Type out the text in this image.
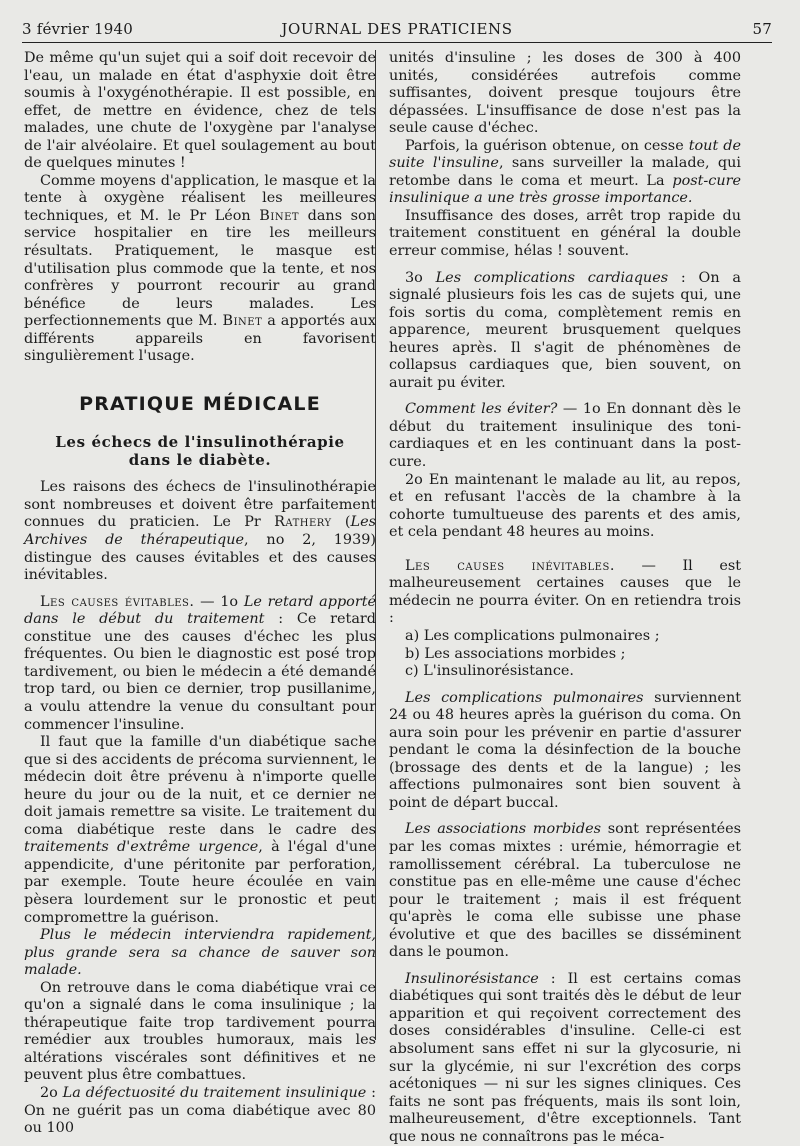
3 février 1940	JOURNAL DES PRATICIENS	57

De même qu'un sujet qui a soif doit recevoir de l'eau, un malade en état d'asphyxie doit être soumis à l'oxygénothérapie. Il est possible, en effet, de mettre en évidence, chez de tels malades, une chute de l'oxygène par l'analyse de l'air alvéolaire. Et quel soulagement au bout de quelques minutes !

Comme moyens d'application, le masque et la tente à oxygène réalisent les meilleures techniques, et M. le Pr Léon Binet dans son service hospitalier en tire les meilleurs résultats. Pratiquement, le masque est d'utilisation plus commode que la tente, et nos confrères y pourront recourir au grand bénéfice de leurs malades. Les perfectionnements que M. Binet a apportés aux différents appareils en favorisent singulièrement l'usage.

PRATIQUE MÉDICALE
Les échecs de l'insulinothérapie
dans le diabète.

Les raisons des échecs de l'insulinothérapie sont nombreuses et doivent être parfaitement connues du praticien. Le Pr Rathery (Les Archives de thérapeutique, no 2, 1939) distingue des causes évitables et des causes inévitables.

Les causes évitables. — 1o Le retard apporté dans le début du traitement : Ce retard constitue une des causes d'échec les plus fréquentes. Ou bien le diagnostic est posé trop tardivement, ou bien le médecin a été demandé trop tard, ou bien ce dernier, trop pusillanime, a voulu attendre la venue du consultant pour commencer l'insuline.

Il faut que la famille d'un diabétique sache que si des accidents de précoma surviennent, le médecin doit être prévenu à n'importe quelle heure du jour ou de la nuit, et ce dernier ne doit jamais remettre sa visite. Le traitement du coma diabétique reste dans le cadre des traitements d'extrême urgence, à l'égal d'une appendicite, d'une péritonite par perforation, par exemple. Toute heure écoulée en vain pèsera lourdement sur le pronostic et peut compromettre la guérison.

Plus le médecin interviendra rapidement, plus grande sera sa chance de sauver son malade.

On retrouve dans le coma diabétique vrai ce qu'on a signalé dans le coma insulinique ; la thérapeutique faite trop tardivement pourra remédier aux troubles humoraux, mais les altérations viscérales sont définitives et ne peuvent plus être combattues.

2o La défectuosité du traitement insulinique : On ne guérit pas un coma diabétique avec 80 ou 100

unités d'insuline ; les doses de 300 à 400 unités, considérées autrefois comme suffisantes, doivent presque toujours être dépassées. L'insuffisance de dose n'est pas la seule cause d'échec.

Parfois, la guérison obtenue, on cesse tout de suite l'insuline, sans surveiller la malade, qui retombe dans le coma et meurt. La post-cure insulinique a une très grosse importance.

Insuffisance des doses, arrêt trop rapide du traitement constituent en général la double erreur commise, hélas ! souvent.

3o Les complications cardiaques : On a signalé plusieurs fois les cas de sujets qui, une fois sortis du coma, complètement remis en apparence, meurent brusquement quelques heures après. Il s'agit de phénomènes de collapsus cardiaques que, bien souvent, on aurait pu éviter.

Comment les éviter? — 1o En donnant dès le début du traitement insulinique des toni-cardiaques et en les continuant dans la post-cure.

2o En maintenant le malade au lit, au repos, et en refusant l'accès de la chambre à la cohorte tumultueuse des parents et des amis, et cela pendant 48 heures au moins.

Les causes inévitables. — Il est malheureusement certaines causes que le médecin ne pourra éviter. On en retiendra trois :

a) Les complications pulmonaires ;

b) Les associations morbides ;

c) L'insulinorésistance.

Les complications pulmonaires surviennent 24 ou 48 heures après la guérison du coma. On aura soin pour les prévenir en partie d'assurer pendant le coma la désinfection de la bouche (brossage des dents et de la langue) ; les affections pulmonaires sont bien souvent à point de départ buccal.

Les associations morbides sont représentées par les comas mixtes : urémie, hémorragie et ramollissement cérébral. La tuberculose ne constitue pas en elle-même une cause d'échec pour le traitement ; mais il est fréquent qu'après le coma elle subisse une phase évolutive et que des bacilles se disséminent dans le poumon.

Insulinorésistance : Il est certains comas diabétiques qui sont traités dès le début de leur apparition et qui reçoivent correctement des doses considérables d'insuline. Celle-ci est absolument sans effet ni sur la glycosurie, ni sur la glycémie, ni sur l'excrétion des corps acétoniques — ni sur les signes cliniques. Ces faits ne sont pas fréquents, mais ils sont loin, malheureusement, d'être exceptionnels. Tant que nous ne connaîtrons pas le méca-
